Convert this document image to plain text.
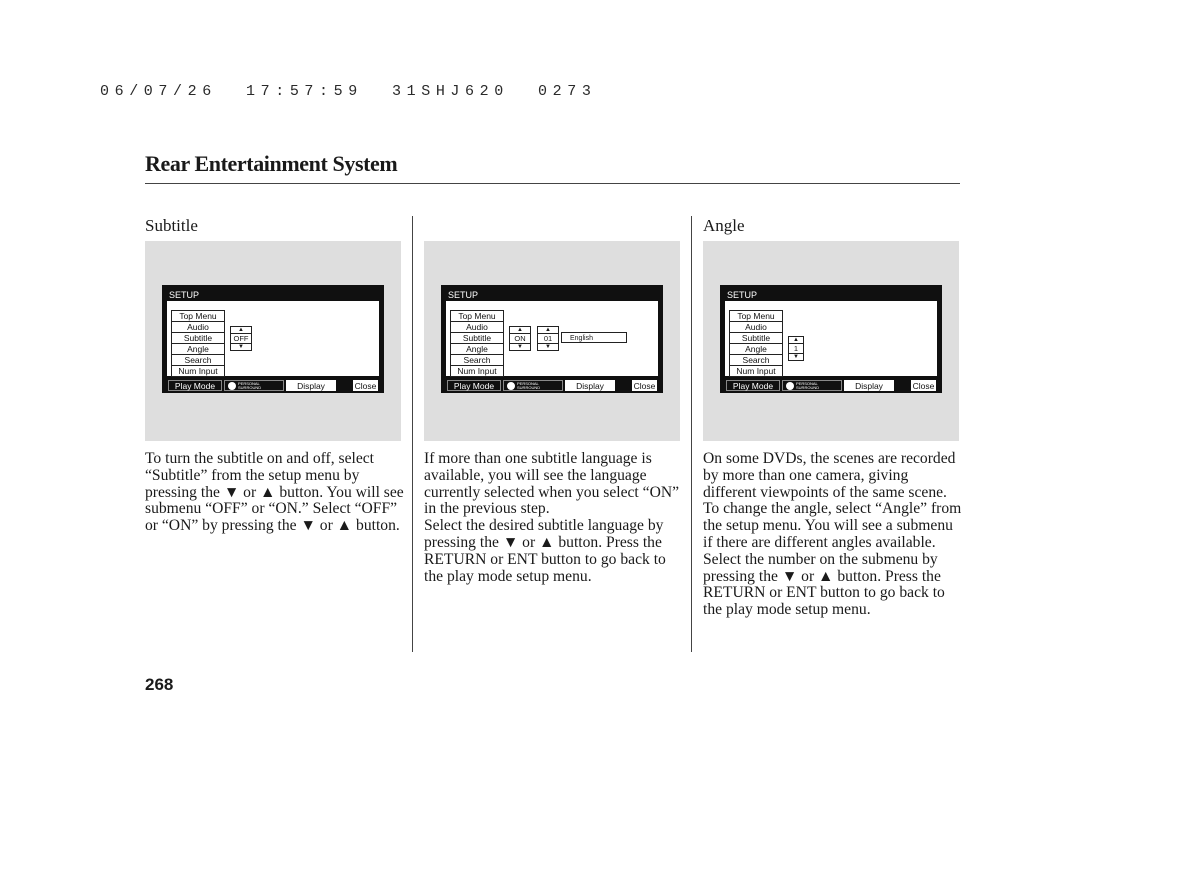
06/07/26  17:57:59  31SHJ620  0273
Rear Entertainment System
Subtitle
SETUP
Top Menu
Audio
Subtitle
Angle
Search
Num Input
▲
OFF
▼
Play Mode	PERSONAL
SURROUND	Display	Close

To turn the subtitle on and off, select “Subtitle” from the setup menu by pressing the ▼ or ▲ button. You will see submenu “OFF” or “ON.” Select “OFF” or “ON” by pressing the ▼ or ▲ button.

SETUP
Top Menu
Audio
Subtitle
Angle
Search
Num Input
▲
ON
▼
▲
01
▼
English
Play Mode	PERSONAL
SURROUND	Display	Close

If more than one subtitle language is available, you will see the language currently selected when you select “ON” in the previous step.

Select the desired subtitle language by pressing the ▼ or ▲ button. Press the RETURN or ENT button to go back to the play mode setup menu.

Angle
SETUP
Top Menu
Audio
Subtitle
Angle
Search
Num Input
▲
1
▼
Play Mode	PERSONAL
SURROUND	Display	Close

On some DVDs, the scenes are recorded by more than one camera, giving different viewpoints of the same scene. To change the angle, select “Angle” from the setup menu. You will see a submenu if there are different angles available.

Select the number on the submenu by pressing the ▼ or ▲ button. Press the RETURN or ENT button to go back to the play mode setup menu.

268
